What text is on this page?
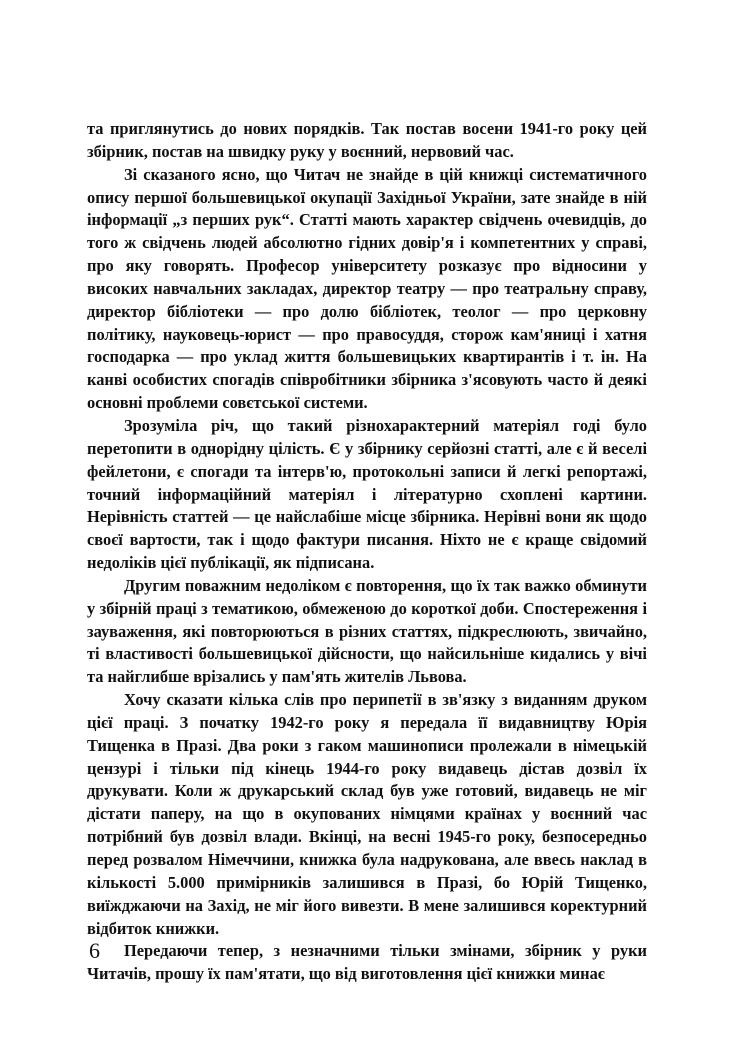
та приглянутись до нових порядків. Так постав восени 1941-го року цей збірник, постав на швидку руку у воєнний, нервовий час.

Зі сказаного ясно, що Читач не знайде в цій книжці систематичного опису першої большевицької окупації Західньої України, зате знайде в ній інформації „з перших рук“. Статті мають характер свідчень очевидців, до того ж свідчень людей абсолютно гідних довір'я і компетентних у справі, про яку говорять. Професор університету розказує про відносини у високих навчальних закладах, директор театру — про театральну справу, директор бібліотеки — про долю бібліотек, теолог — про церковну політику, науковець-юрист — про правосуддя, сторож кам'яниці і хатня господарка — про уклад життя большевицьких квартирантів і т. ін. На канві особистих спогадів співробітники збірника з'ясовують часто й деякі основні проблеми совєтської системи.

Зрозуміла річ, що такий різнохарактерний матеріял годі було перетопити в однорідну цілість. Є у збірнику серйозні статті, але є й веселі фейлетони, є спогади та інтерв'ю, протокольні записи й легкі репортажі, точний інформаційний матеріял і літературно схоплені картини. Нерівність статтей — це найслабіше місце збірника. Нерівні вони як щодо своєї вартости, так і щодо фактури писання. Ніхто не є краще свідомий недоліків цієї публікації, як підписана.

Другим поважним недоліком є повторення, що їх так важко обминути у збірній праці з тематикою, обмеженою до короткої доби. Спостереження і зауваження, які повторюються в різних статтях, підкреслюють, звичайно, ті властивості большевицької дійсности, що найсильніше кидались у вічі та найглибше врізались у пам'ять жителів Львова.

Хочу сказати кілька слів про перипетії в зв'язку з виданням друком цієї праці. З початку 1942-го року я передала її видавництву Юрія Тищенка в Празі. Два роки з гаком машинописи пролежали в німецькій цензурі і тільки під кінець 1944-го року видавець дістав дозвіл їх друкувати. Коли ж друкарський склад був уже готовий, видавець не міг дістати паперу, на що в окупованих німцями країнах у воєнний час потрібний був дозвіл влади. Вкінці, на весні 1945-го року, безпосередньо перед розвалом Німеччини, книжка була надрукована, але ввесь наклад в кількості 5.000 примірників залишився в Празі, бо Юрій Тищенко, виїжджаючи на Захід, не міг його вивезти. В мене залишився коректурний відбиток книжки.

Передаючи тепер, з незначними тільки змінами, збірник у руки Читачів, прошу їх пам'ятати, що від виготовлення цієї книжки минає

6
